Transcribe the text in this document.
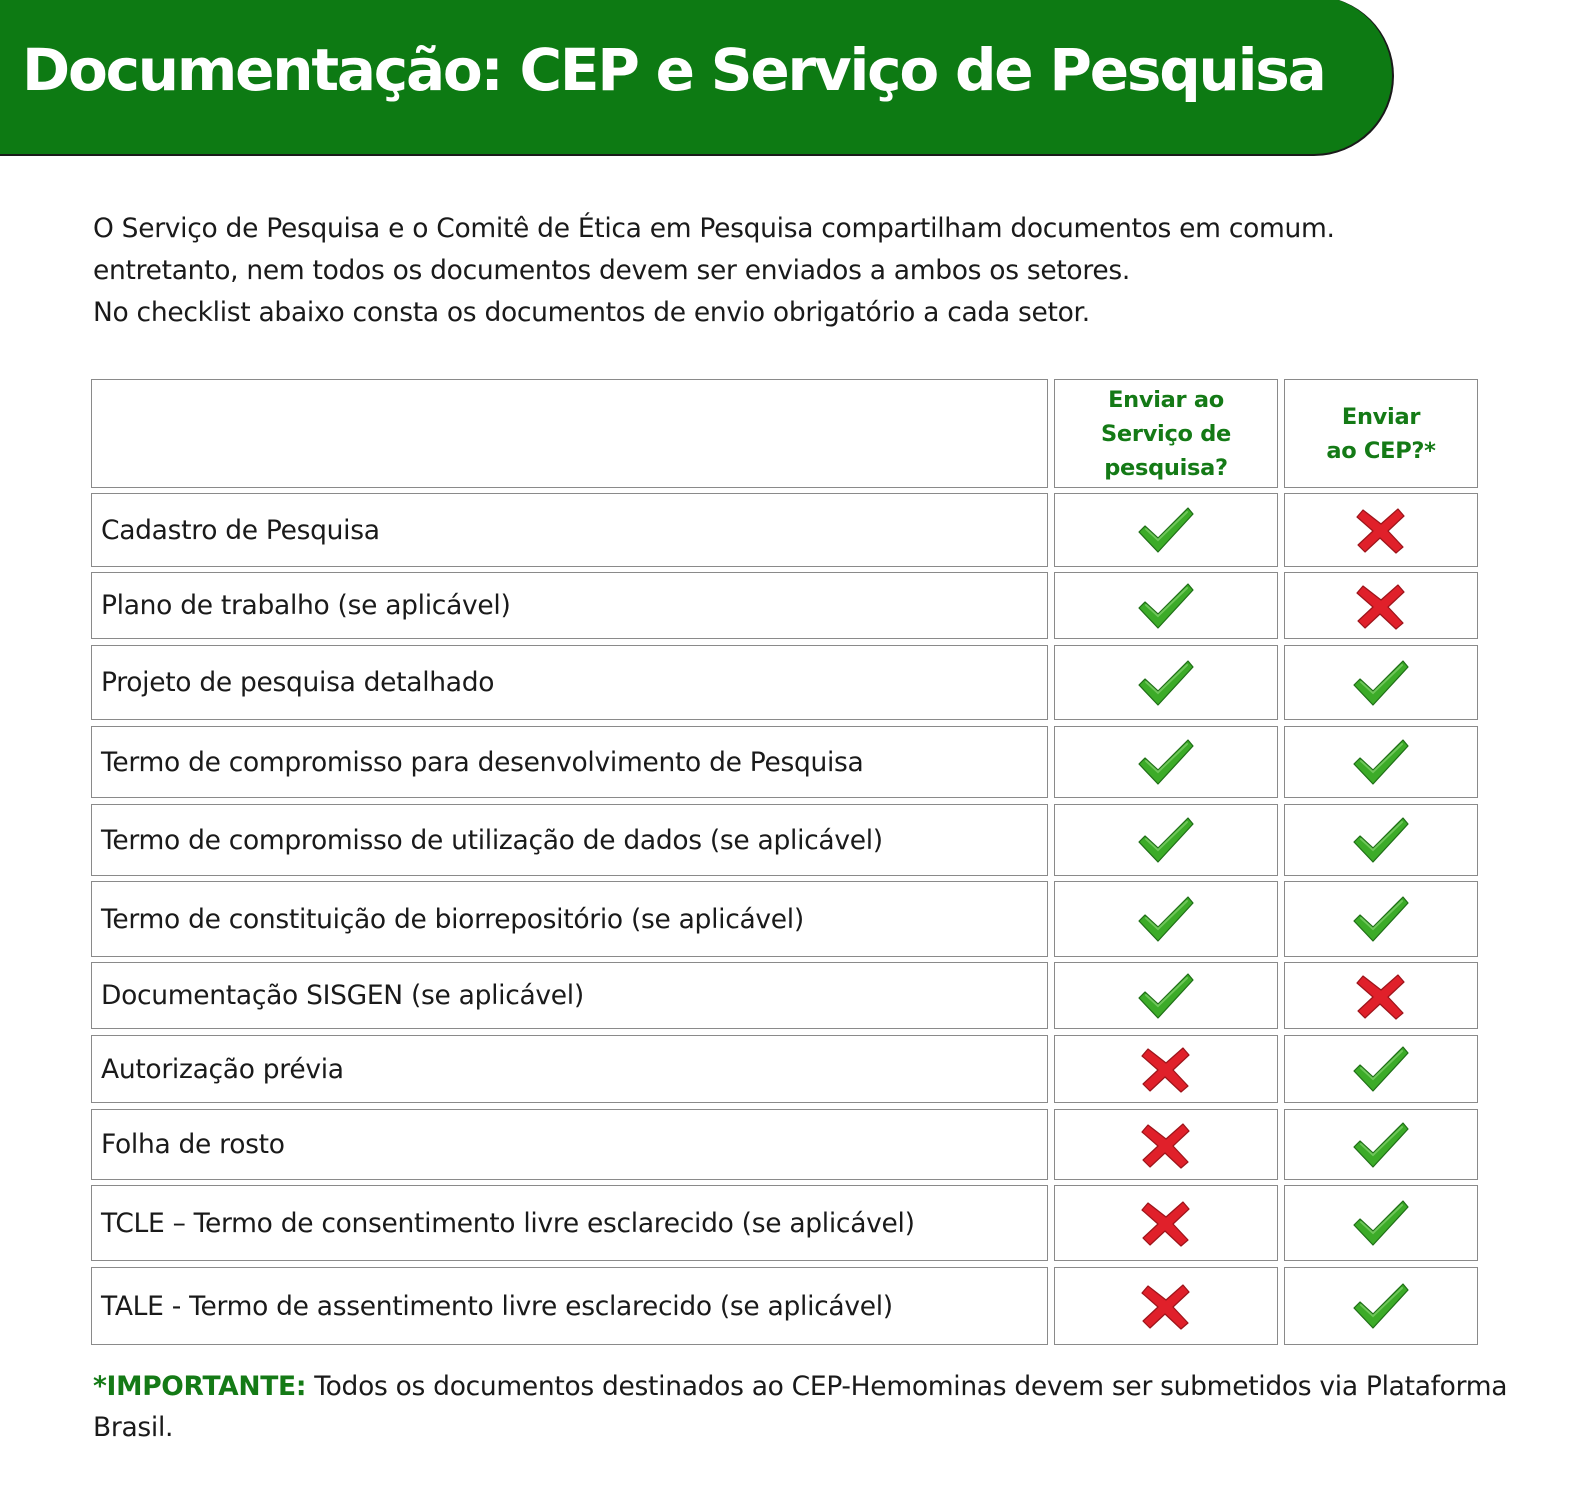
Documentação: CEP e Serviço de Pesquisa

O Serviço de Pesquisa e o Comitê de Ética em Pesquisa compartilham documentos em comum.

entretanto, nem todos os documentos devem ser enviados a ambos os setores.

No checklist abaixo consta os documentos de envio obrigatório a cada setor.

Enviar ao Serviço de pesquisa?
Enviar ao CEP?*
Cadastro de Pesquisa
Plano de trabalho (se aplicável)
Projeto de pesquisa detalhado
Termo de compromisso para desenvolvimento de Pesquisa
Termo de compromisso de utilização de dados (se aplicável)
Termo de constituição de biorrepositório (se aplicável)
Documentação SISGEN (se aplicável)
Autorização prévia
Folha de rosto
TCLE – Termo de consentimento livre esclarecido (se aplicável)
TALE - Termo de assentimento livre esclarecido (se aplicável)
*IMPORTANTE: Todos os documentos destinados ao CEP-Hemominas devem ser submetidos via Plataforma Brasil.
